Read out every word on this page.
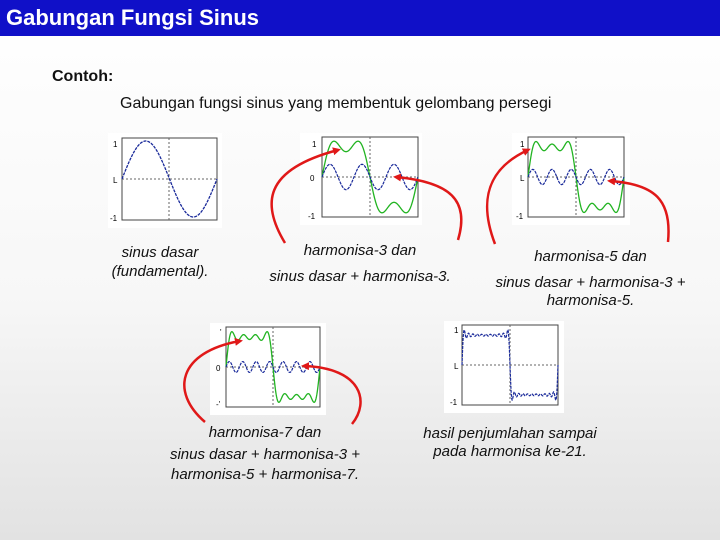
Gabungan Fungsi Sinus
Contoh:
Gabungan fungsi sinus yang membentuk gelombang persegi
1
L
-1
1
0
-1
1
L
-1
'
0
-'
1
L
-1
sinus dasar
(fundamental).
harmonisa-3 dan
sinus dasar + harmonisa-3.
harmonisa-5 dan
sinus dasar + harmonisa-3 +
harmonisa-5.
harmonisa-7 dan
sinus dasar + harmonisa-3 +
harmonisa-5 + harmonisa-7.
hasil penjumlahan sampai
pada harmonisa ke-21.
